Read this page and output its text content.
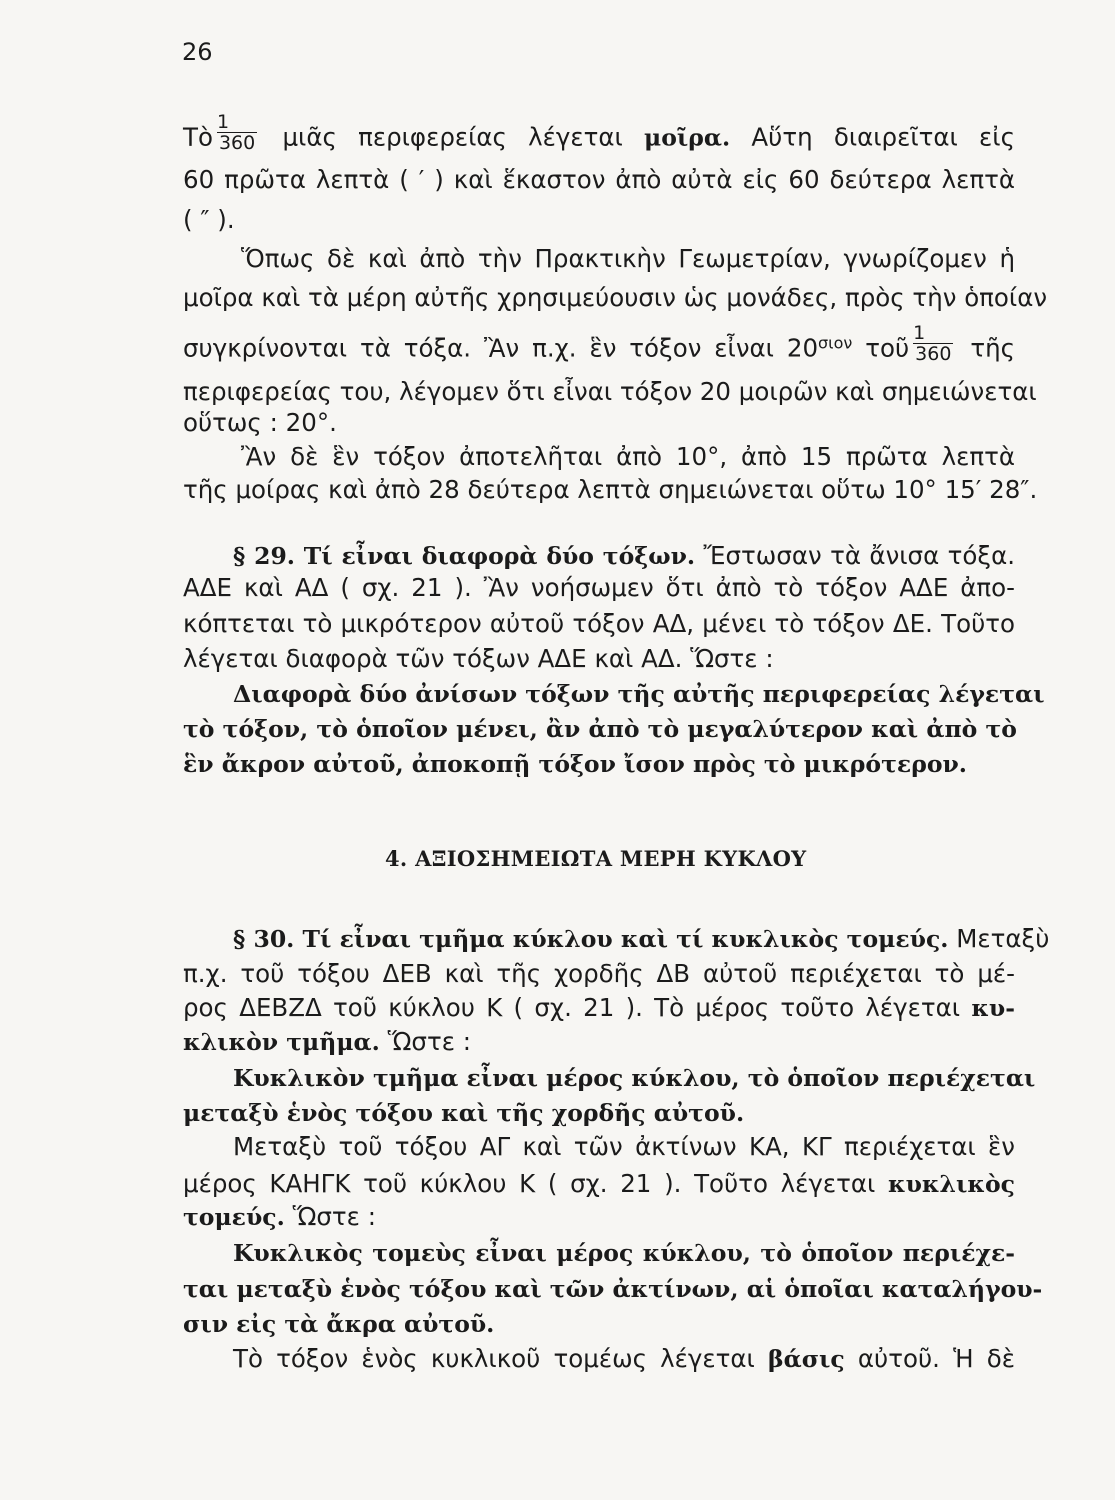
26
Τὸ $\frac{1}{360}$ μιᾶς περιφερείας λέγεται μοῖρα. Αὕτη διαιρεῖται εἰς
60 πρῶτα λεπτὰ ( ′ ) καὶ ἕκαστον ἀπὸ αὐτὰ εἰς 60 δεύτερα λεπτὰ
( ″ ).
Ὅπως δὲ καὶ ἀπὸ τὴν Πρακτικὴν Γεωμετρίαν, γνωρίζομεν ἡ
μοῖρα καὶ τὰ μέρη αὐτῆς χρησιμεύουσιν ὡς μονάδες, πρὸς τὴν ὁποίαν
συγκρίνονται τὰ τόξα. Ἂν π.χ. ἓν τόξον εἶναι $20^{\sigma\iota o\nu}$ τοῦ $\frac{1}{360}$ τῆς
περιφερείας του, λέγομεν ὅτι εἶναι τόξον 20 μοιρῶν καὶ σημειώνεται
οὕτως : 20°.
Ἂν δὲ ἓν τόξον ἀποτελῆται ἀπὸ 10°, ἀπὸ 15 πρῶτα λεπτὰ
τῆς μοίρας καὶ ἀπὸ 28 δεύτερα λεπτὰ σημειώνεται οὕτω 10° 15′ 28″.
§ 29. Τί εἶναι διαφορὰ δύο τόξων. Ἔστωσαν τὰ ἄνισα τόξα.
ΑΔΕ καὶ ΑΔ ( σχ. 21 ). Ἂν νοήσωμεν ὅτι ἀπὸ τὸ τόξον ΑΔΕ ἀπο-
κόπτεται τὸ μικρότερον αὐτοῦ τόξον ΑΔ, μένει τὸ τόξον ΔΕ. Τοῦτο
λέγεται διαφορὰ τῶν τόξων ΑΔΕ καὶ ΑΔ. Ὥστε :
Διαφορὰ δύο ἀνίσων τόξων τῆς αὐτῆς περιφερείας λέγεται
τὸ τόξον, τὸ ὁποῖον μένει, ἂν ἀπὸ τὸ μεγαλύτερον καὶ ἀπὸ τὸ
ἓν ἄκρον αὐτοῦ, ἀποκοπῇ τόξον ἴσον πρὸς τὸ μικρότερον.
4. ΑΞΙΟΣΗΜΕΙΩΤΑ ΜΕΡΗ ΚΥΚΛΟΥ
§ 30. Τί εἶναι τμῆμα κύκλου καὶ τί κυκλικὸς τομεύς. Μεταξὺ
π.χ. τοῦ τόξου ΔΕΒ καὶ τῆς χορδῆς ΔΒ αὐτοῦ περιέχεται τὸ μέ-
ρος ΔΕΒΖΔ τοῦ κύκλου Κ ( σχ. 21 ). Τὸ μέρος τοῦτο λέγεται κυ-
κλικὸν τμῆμα. Ὥστε :
Κυκλικὸν τμῆμα εἶναι μέρος κύκλου, τὸ ὁποῖον περιέχεται
μεταξὺ ἑνὸς τόξου καὶ τῆς χορδῆς αὐτοῦ.
Μεταξὺ τοῦ τόξου ΑΓ καὶ τῶν ἀκτίνων ΚΑ, ΚΓ περιέχεται ἓν
μέρος ΚΑΗΓΚ τοῦ κύκλου Κ ( σχ. 21 ). Τοῦτο λέγεται κυκλικὸς
τομεύς. Ὥστε :
Κυκλικὸς τομεὺς εἶναι μέρος κύκλου, τὸ ὁποῖον περιέχε-
ται μεταξὺ ἑνὸς τόξου καὶ τῶν ἀκτίνων, αἱ ὁποῖαι καταλήγου-
σιν εἰς τὰ ἄκρα αὐτοῦ.
Τὸ τόξον ἑνὸς κυκλικοῦ τομέως λέγεται βάσις αὐτοῦ. Ἡ δὲ
